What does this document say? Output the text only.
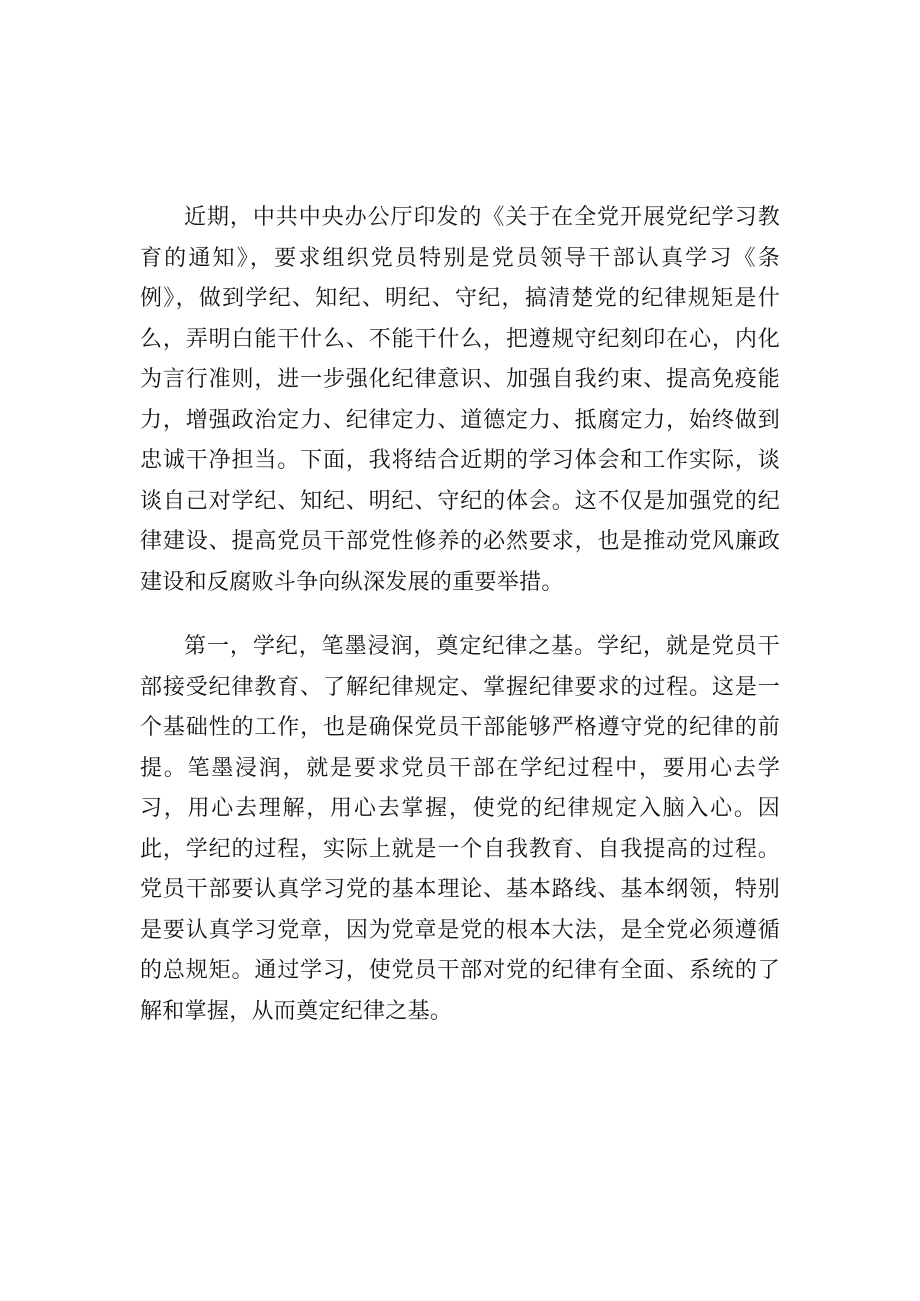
近期，中共中央办公厅印发的《关于在全党开展党纪学习教育的通知》，要求组织党员特别是党员领导干部认真学习《条例》，做到学纪、知纪、明纪、守纪，搞清楚党的纪律规矩是什么，弄明白能干什么、不能干什么，把遵规守纪刻印在心，内化为言行准则，进一步强化纪律意识、加强自我约束、提高免疫能力，增强政治定力、纪律定力、道德定力、抵腐定力，始终做到忠诚干净担当。下面，我将结合近期的学习体会和工作实际，谈谈自己对学纪、知纪、明纪、守纪的体会。这不仅是加强党的纪律建设、提高党员干部党性修养的必然要求，也是推动党风廉政建设和反腐败斗争向纵深发展的重要举措。

第一，学纪，笔墨浸润，奠定纪律之基。学纪，就是党员干部接受纪律教育、了解纪律规定、掌握纪律要求的过程。这是一个基础性的工作，也是确保党员干部能够严格遵守党的纪律的前提。笔墨浸润，就是要求党员干部在学纪过程中，要用心去学习，用心去理解，用心去掌握，使党的纪律规定入脑入心。因此，学纪的过程，实际上就是一个自我教育、自我提高的过程。党员干部要认真学习党的基本理论、基本路线、基本纲领，特别是要认真学习党章，因为党章是党的根本大法，是全党必须遵循的总规矩。通过学习，使党员干部对党的纪律有全面、系统的了解和掌握，从而奠定纪律之基。
